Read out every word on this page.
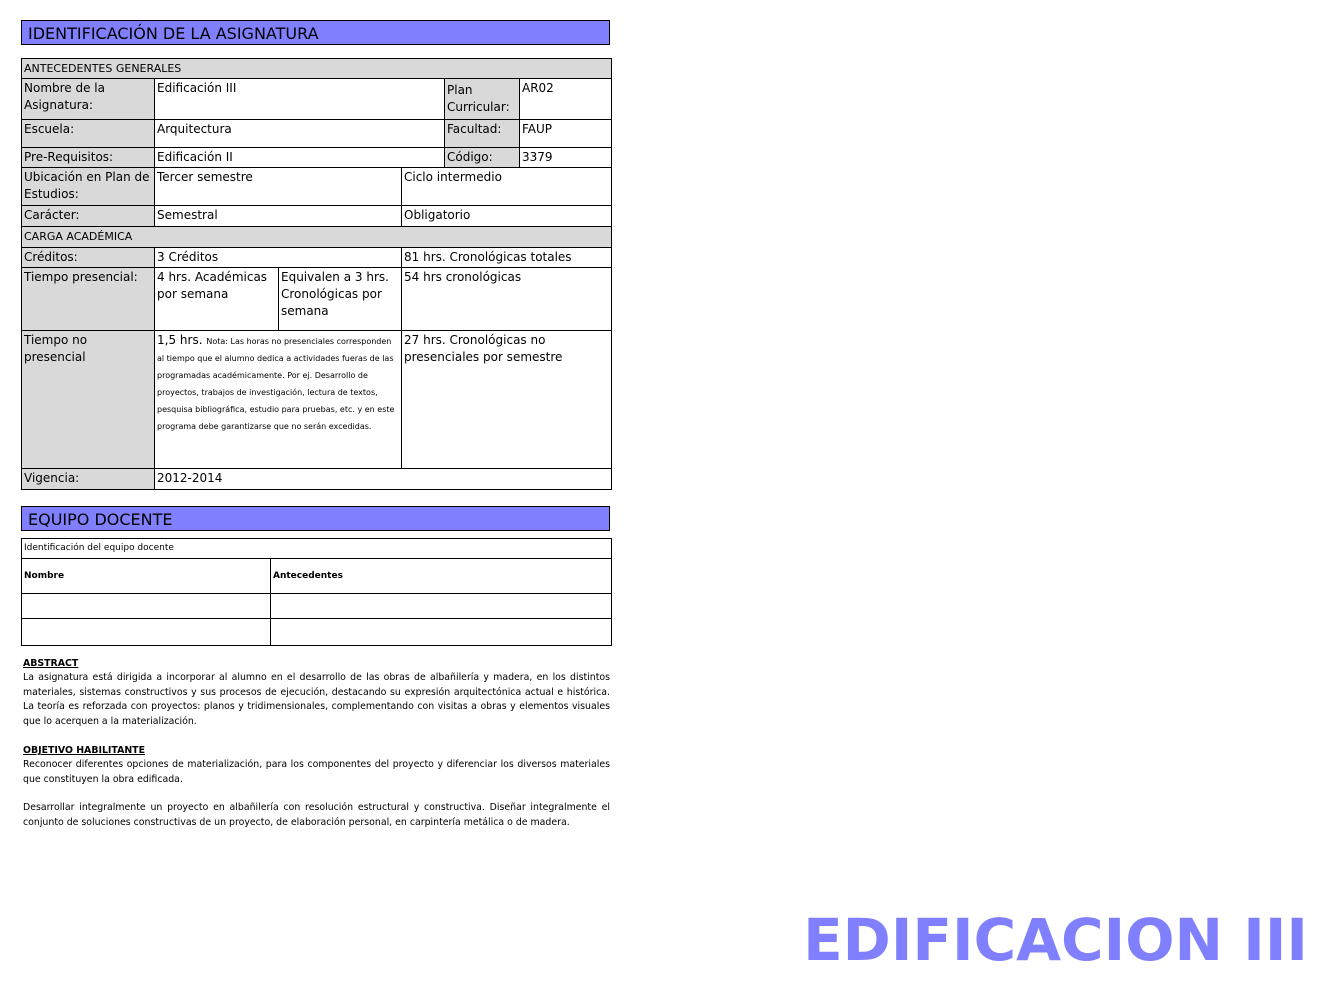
IDENTIFICACIÓN DE LA ASIGNATURA
ANTECEDENTES GENERALES					
Nombre de la Asignatura:	Edificación III			Plan Curricular:	AR02
Escuela:	Arquitectura			Facultad:	FAUP
Pre-Requisitos:	Edificación II			Código:	3379
Ubicación en Plan de Estudios:	Tercer semestre		Ciclo intermedio		
Carácter:	Semestral		Obligatorio		
CARGA ACADÉMICA					
Créditos:	3 Créditos		81 hrs. Cronológicas totales		
Tiempo presencial:	4 hrs. Académicas por semana	Equivalen a 3 hrs. Cronológicas por semana	54 hrs cronológicas		
Tiempo no presencial	1,5 hrs. Nota: Las horas no presenciales corresponden al tiempo que el alumno dedica a actividades fueras de las programadas académicamente. Por ej. Desarrollo de proyectos, trabajos de investigación, lectura de textos, pesquisa bibliográfica, estudio para pruebas, etc. y en este programa debe garantizarse que no serán excedidas.		27 hrs. Cronológicas no presenciales por semestre		
Vigencia:	2012-2014				
EQUIPO DOCENTE
Identificación del equipo docente	
Nombre	Antecedentes

ABSTRACT

La asignatura está dirigida a incorporar al alumno en el desarrollo de las obras de albañilería y madera, en los distintos materiales, sistemas constructivos y sus procesos de ejecución, destacando su expresión arquitectónica actual e histórica. La teoría es reforzada con proyectos: planos y tridimensionales, complementando con visitas a obras y elementos visuales que lo acerquen a la materialización.

OBJETIVO HABILITANTE

Reconocer diferentes opciones de materialización, para los componentes del proyecto y diferenciar los diversos materiales que constituyen la obra edificada.

Desarrollar integralmente un proyecto en albañilería con resolución estructural y constructiva. Diseñar integralmente el conjunto de soluciones constructivas de un proyecto, de elaboración personal, en carpintería metálica o de madera.

EDIFICACION III
